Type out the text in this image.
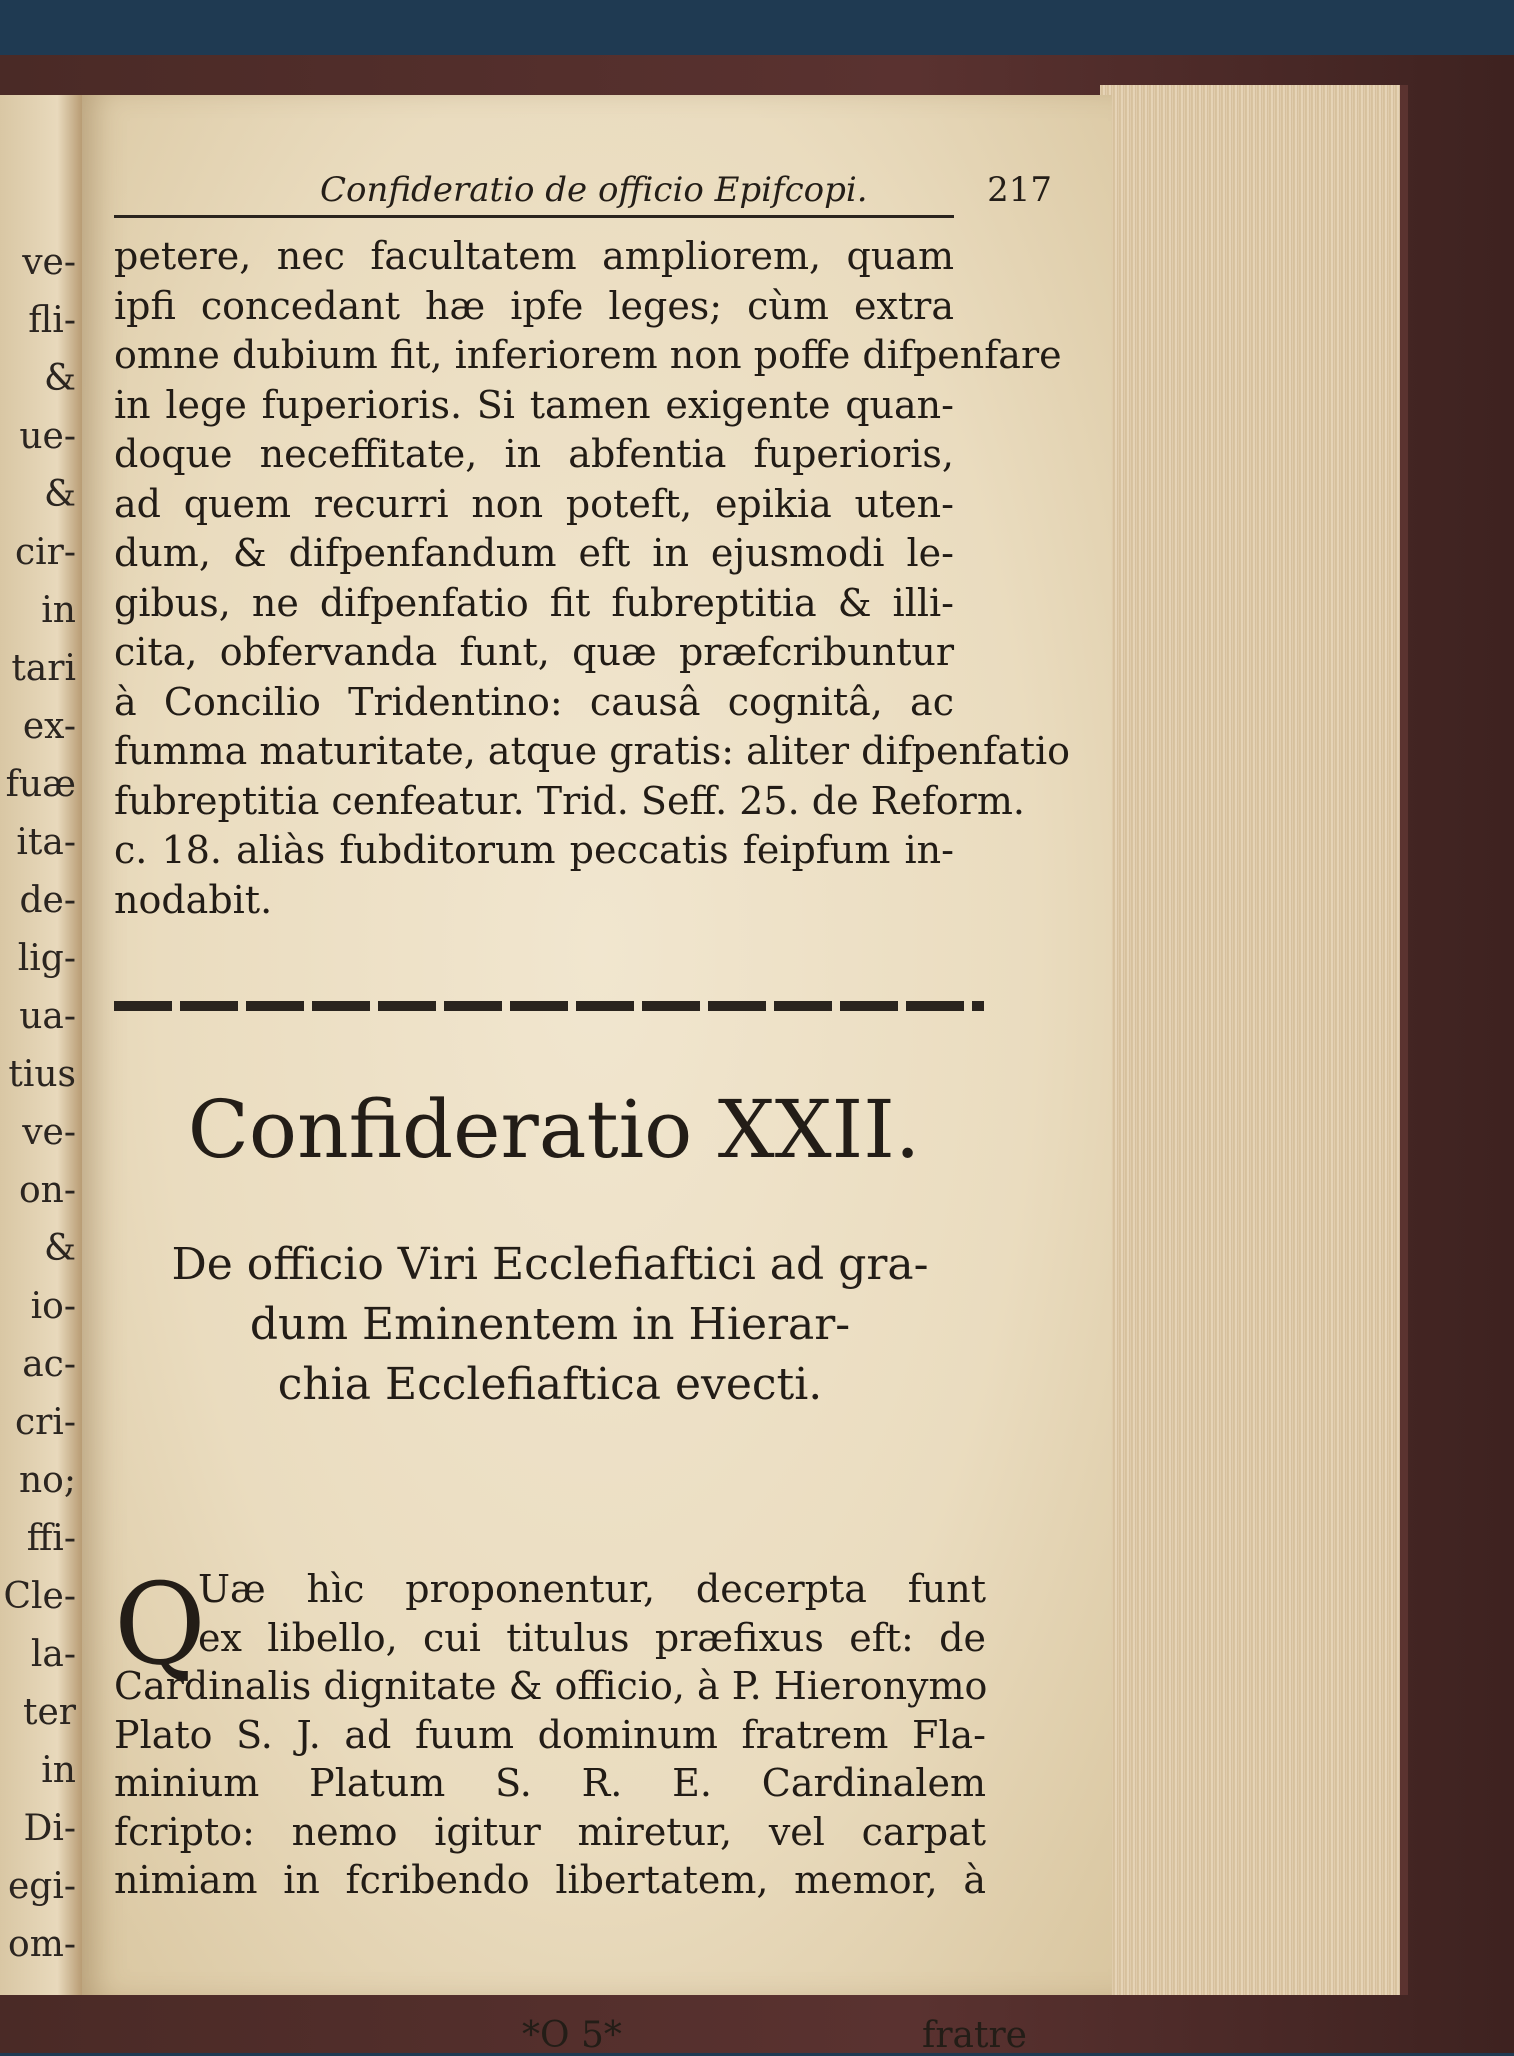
ve-
fli-
&
ue-
&
cir-
in
tari
ex-
fuæ
ita-
de-
lig-
ua-
tius
ve-
on-
&
io-
ac-
cri-
no;
ffi-
Cle-
la-
ter
in
Di-
egi-
om-
Confideratio de officio Epifcopi.	217
petere, nec facultatem ampliorem, quam
ipfi concedant hæ ipfe leges; cùm extra
omne dubium fit, inferiorem non poffe difpenfare
in lege fuperioris. Si tamen exigente quan-
doque neceffitate, in abfentia fuperioris,
ad quem recurri non poteft, epikia uten-
dum, & difpenfandum eft in ejusmodi le-
gibus, ne difpenfatio fit fubreptitia & illi-
cita, obfervanda funt, quæ præfcribuntur
à Concilio Tridentino: causâ cognitâ, ac
fumma maturitate, atque gratis: aliter difpenfatio
fubreptitia cenfeatur. Trid. Seff. 25. de Reform.
c. 18. aliàs fubditorum peccatis feipfum in-
nodabit.
Confideratio XXII.
De officio Viri Ecclefiaftici ad gra-
dum Eminentem in Hierar-
chia Ecclefiaftica evecti.
Q
Uæ hìc proponentur, decerpta funt
ex libello, cui titulus præfixus eft: de
Cardinalis dignitate & officio, à P. Hieronymo
Plato S. J. ad fuum dominum fratrem Fla-
minium Platum S. R. E. Cardinalem
fcripto: nemo igitur miretur, vel carpat
nimiam in fcribendo libertatem, memor, à
*O 5*	fratre
